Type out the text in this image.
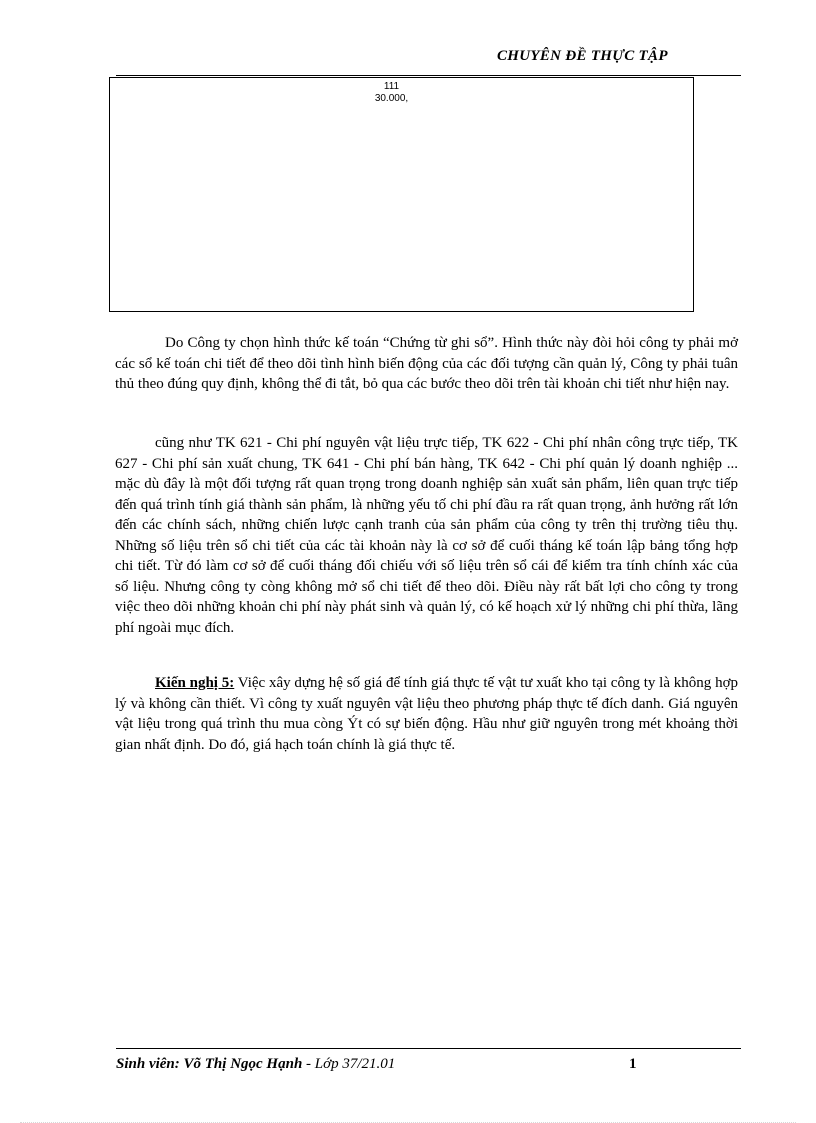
CHUYÊN ĐỀ THỰC TẬP
111
30.000,

Do Công ty chọn hình thức kế toán “Chứng từ ghi sổ”. Hình thức này đòi hỏi công ty phải mở các sổ kế toán chi tiết để theo dõi tình hình biến động của các đối tượng cần quản lý, Công ty phải tuân thủ theo đúng quy định, không thể đi tắt, bỏ qua các bước theo dõi trên tài khoản chi tiết như hiện nay.

cũng như TK 621 - Chi phí nguyên vật liệu trực tiếp, TK 622 - Chi phí nhân công trực tiếp, TK 627 - Chi phí sản xuất chung, TK 641 - Chi phí bán hàng, TK 642 - Chi phí quản lý doanh nghiệp ... mặc dù đây là một đối tượng rất quan trọng trong doanh nghiệp sản xuất sản phẩm, liên quan trực tiếp đến quá trình tính giá thành sản phẩm, là những yếu tố chi phí đầu ra rất quan trọng, ảnh hưởng rất lớn đến các chính sách, những chiến lược cạnh tranh của sản phẩm của công ty trên thị trường tiêu thụ. Những số liệu trên sổ chi tiết của các tài khoản này là cơ sở để cuối tháng kế toán lập bảng tổng hợp chi tiết. Từ đó làm cơ sở để cuối tháng đối chiếu với số liệu trên sổ cái để kiểm tra tính chính xác của số liệu. Nhưng công ty còng không mở sổ chi tiết để theo dõi. Điều này rất bất lợi cho công ty trong việc theo dõi những khoản chi phí này phát sinh và quản lý, có kế hoạch xử lý những chi phí thừa, lãng phí ngoài mục đích.

Kiến nghị 5: Việc xây dựng hệ số giá để tính giá thực tế vật tư xuất kho tại công ty là không hợp lý và không cần thiết. Vì công ty xuất nguyên vật liệu theo phương pháp thực tế đích danh. Giá nguyên vật liệu trong quá trình thu mua còng Ýt có sự biến động. Hầu như giữ nguyên trong mét khoảng thời gian nhất định. Do đó, giá hạch toán chính là giá thực tế.

Sinh viên: Võ Thị Ngọc Hạnh - Lớp 37/21.01	1
